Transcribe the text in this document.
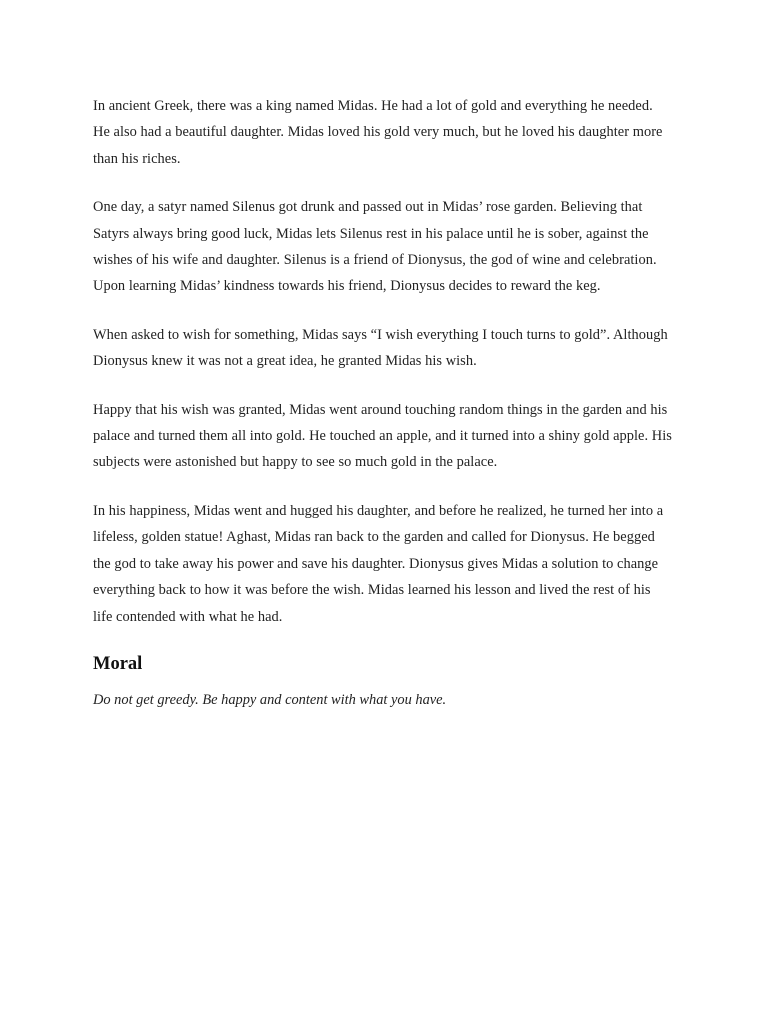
In ancient Greek, there was a king named Midas. He had a lot of gold and everything he needed. He also had a beautiful daughter. Midas loved his gold very much, but he loved his daughter more than his riches.

One day, a satyr named Silenus got drunk and passed out in Midas’ rose garden. Believing that Satyrs always bring good luck, Midas lets Silenus rest in his palace until he is sober, against the wishes of his wife and daughter. Silenus is a friend of Dionysus, the god of wine and celebration. Upon learning Midas’ kindness towards his friend, Dionysus decides to reward the keg.

When asked to wish for something, Midas says “I wish everything I touch turns to gold”. Although Dionysus knew it was not a great idea, he granted Midas his wish.

Happy that his wish was granted, Midas went around touching random things in the garden and his palace and turned them all into gold. He touched an apple, and it turned into a shiny gold apple. His subjects were astonished but happy to see so much gold in the palace.

In his happiness, Midas went and hugged his daughter, and before he realized, he turned her into a lifeless, golden statue! Aghast, Midas ran back to the garden and called for Dionysus. He begged the god to take away his power and save his daughter. Dionysus gives Midas a solution to change everything back to how it was before the wish. Midas learned his lesson and lived the rest of his life contended with what he had.

Moral

Do not get greedy. Be happy and content with what you have.
